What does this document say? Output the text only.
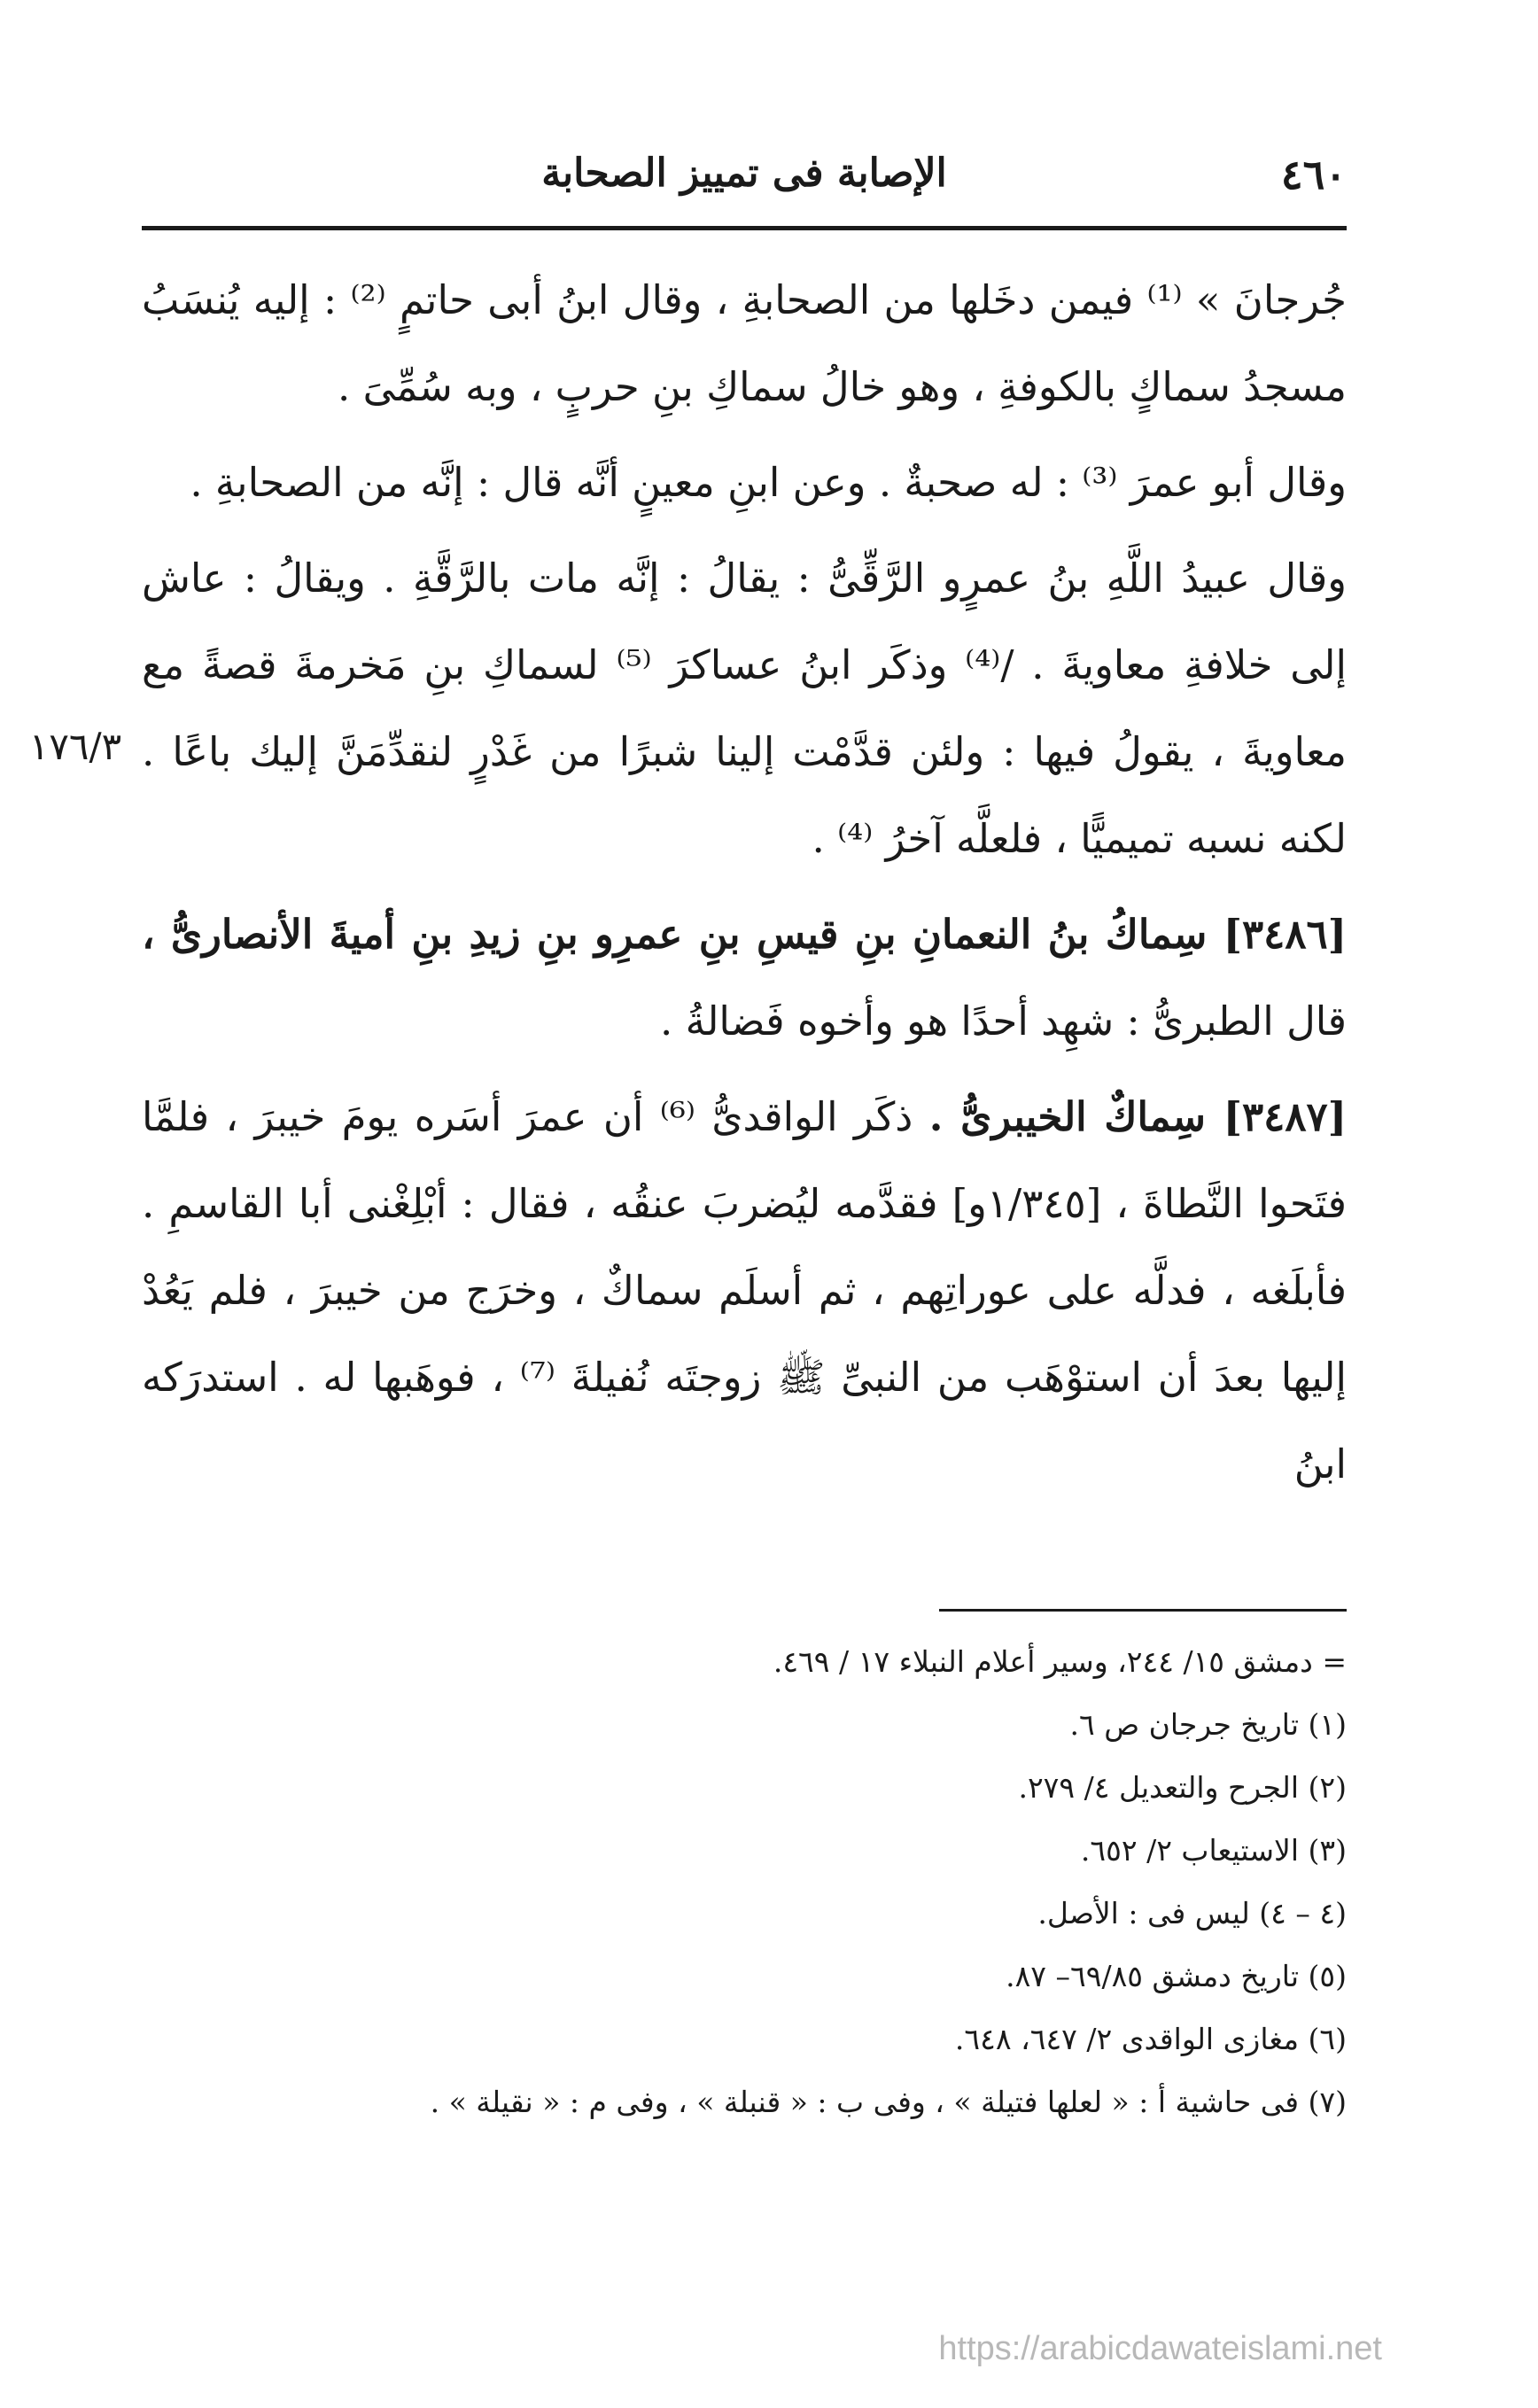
٤٦٠
الإصابة فى تمييز الصحابة
١٧٦/٣

جُرجانَ » ⁽¹⁾ فيمن دخَلها من الصحابةِ ، وقال ابنُ أبى حاتمٍ ⁽²⁾ : إليه يُنسَبُ مسجدُ سماكٍ بالكوفةِ ، وهو خالُ سماكِ بنِ حربٍ ، وبه سُمِّىَ .

وقال أبو عمرَ ⁽³⁾ : له صحبةٌ . وعن ابنِ معينٍ أنَّه قال : إنَّه من الصحابةِ .

وقال عبيدُ اللَّهِ بنُ عمرٍو الرَّقِّىُّ : يقالُ : إنَّه مات بالرَّقَّةِ . ويقالُ : عاش إلى خلافةِ معاويةَ . /⁽⁴⁾ وذكَر ابنُ عساكرَ ⁽⁵⁾ لسماكِ بنِ مَخرمةَ قصةً مع معاويةَ ، يقولُ فيها : ولئن قدَّمْت إلينا شبرًا من غَدْرٍ لنقدِّمَنَّ إليك باعًا . لكنه نسبه تميميًّا ، فلعلَّه آخرُ ⁽⁴⁾ .

[٣٤٨٦] سِماكُ بنُ النعمانِ بنِ قيسِ بنِ عمرِو بنِ زيدِ بنِ أميةَ الأنصارىُّ ، قال الطبرىُّ : شهِد أحدًا هو وأخوه فَضالةُ .

[٣٤٨٧] سِماكٌ الخيبرىُّ . ذكَر الواقدىُّ ⁽⁶⁾ أن عمرَ أسَره يومَ خيبرَ ، فلمَّا فتَحوا النَّطاةَ ، [١/٣٤٥و] فقدَّمه ليُضربَ عنقُه ، فقال : أبْلِغْنى أبا القاسمِ . فأبلَغه ، فدلَّه على عوراتِهم ، ثم أسلَم سماكٌ ، وخرَج من خيبرَ ، فلم يَعُدْ إليها بعدَ أن استوْهَب من النبىِّ ﷺ زوجتَه نُفيلةَ ⁽⁷⁾ ، فوهَبها له . استدرَكه ابنُ

= دمشق ١٥/ ٢٤٤، وسير أعلام النبلاء ١٧ / ٤٦٩.

(١) تاريخ جرجان ص ٦.

(٢) الجرح والتعديل ٤/ ٢٧٩.

(٣) الاستيعاب ٢/ ٦٥٢.

(٤ – ٤) ليس فى : الأصل.

(٥) تاريخ دمشق ٦٩/٨٥– ٨٧.

(٦) مغازى الواقدى ٢/ ٦٤٧، ٦٤٨.

(٧) فى حاشية أ : « لعلها فتيلة » ، وفى ب : « قنبلة » ، وفى م : « نقيلة » .

https://arabicdawateislami.net
